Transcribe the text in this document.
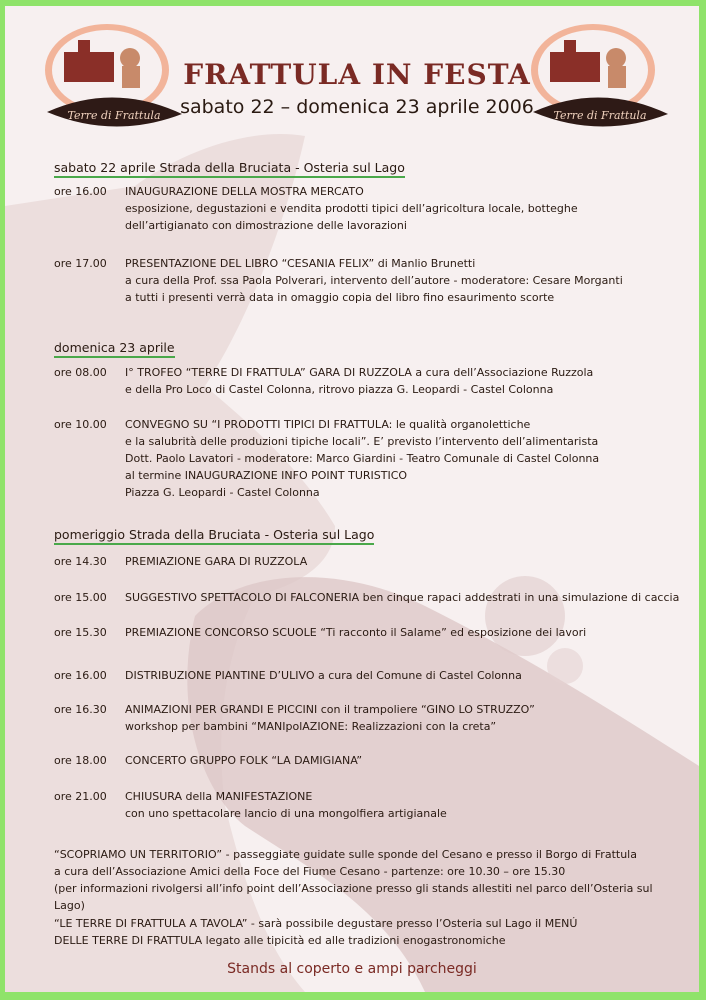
Terre di Frattula	Terre di Frattula
FRATTULA IN FESTA
sabato 22 – domenica 23 aprile 2006
sabato 22 aprile Strada della Bruciata - Osteria sul Lago
ore 16.00	INAUGURAZIONE DELLA MOSTRA MERCATO
esposizione, degustazioni e vendita prodotti tipici dell’agricoltura locale, botteghe
dell’artigianato con dimostrazione delle lavorazioni
ore 17.00	PRESENTAZIONE DEL LIBRO “CESANIA FELIX” di Manlio Brunetti
a cura della Prof. ssa Paola Polverari, intervento dell’autore - moderatore: Cesare Morganti
a tutti i presenti verrà data in omaggio copia del libro fino esaurimento scorte
domenica 23 aprile
ore 08.00	I° TROFEO “TERRE DI FRATTULA” GARA DI RUZZOLA a cura dell’Associazione Ruzzola
e della Pro Loco di Castel Colonna, ritrovo piazza G. Leopardi - Castel Colonna
ore 10.00	CONVEGNO SU “I PRODOTTI TIPICI DI FRATTULA: le qualità organolettiche
e la salubrità delle produzioni tipiche locali”. E’ previsto l’intervento dell’alimentarista
Dott. Paolo Lavatori - moderatore: Marco Giardini - Teatro Comunale di Castel Colonna
al termine INAUGURAZIONE INFO POINT TURISTICO
Piazza G. Leopardi - Castel Colonna
pomeriggio Strada della Bruciata - Osteria sul Lago
ore 14.30	PREMIAZIONE GARA DI RUZZOLA
ore 15.00	SUGGESTIVO SPETTACOLO DI FALCONERIA ben cinque rapaci addestrati in una simulazione di caccia
ore 15.30	PREMIAZIONE CONCORSO SCUOLE “Ti racconto il Salame” ed esposizione dei lavori
ore 16.00	DISTRIBUZIONE PIANTINE D’ULIVO a cura del Comune di Castel Colonna
ore 16.30	ANIMAZIONI PER GRANDI E PICCINI con il trampoliere “GINO LO STRUZZO”
workshop per bambini “MANIpolAZIONE: Realizzazioni con la creta”
ore 18.00	CONCERTO GRUPPO FOLK “LA DAMIGIANA”
ore 21.00	CHIUSURA della MANIFESTAZIONE
con uno spettacolare lancio di una mongolfiera artigianale
“SCOPRIAMO UN TERRITORIO” - passeggiate guidate sulle sponde del Cesano e presso il Borgo di Frattula
a cura dell’Associazione Amici della Foce del Fiume Cesano - partenze: ore 10.30 – ore 15.30
(per informazioni rivolgersi all’info point dell’Associazione presso gli stands allestiti nel parco dell’Osteria sul Lago)
“LE TERRE DI FRATTULA A TAVOLA” - sarà possibile degustare presso l’Osteria sul Lago il MENÚ
DELLE TERRE DI FRATTULA legato alle tipicità ed alle tradizioni enogastronomiche
Stands al coperto e ampi parcheggi
